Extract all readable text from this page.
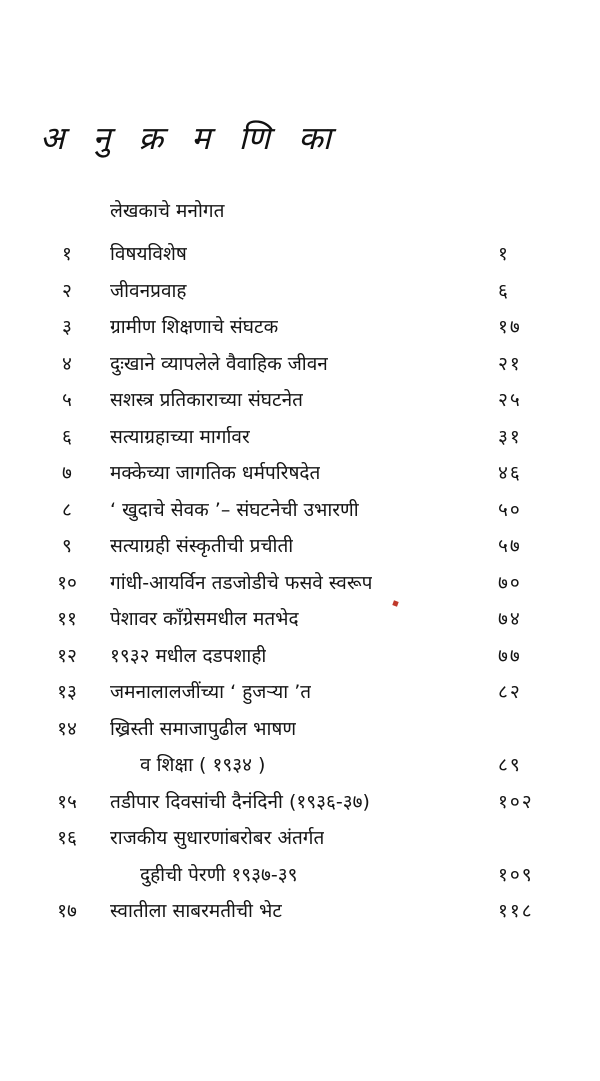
अ नु क्र म णि का
लेखकाचे मनोगत
१	विषयविशेष	१
२	जीवनप्रवाह	६
३	ग्रामीण शिक्षणाचे संघटक	१७
४	दुःखाने व्यापलेले वैवाहिक जीवन	२१
५	सशस्त्र प्रतिकाराच्या संघटनेत	२५
६	सत्याग्रहाच्या मार्गावर	३१
७	मक्केच्या जागतिक धर्मपरिषदेत	४६
८	‘ खुदाचे सेवक ’– संघटनेची उभारणी	५०
९	सत्याग्रही संस्कृतीची प्रचीती	५७
१०	गांधी-आयर्विन तडजोडीचे फसवे स्वरूप	७०
११	पेशावर काँग्रेसमधील मतभेद	७४
१२	१९३२ मधील दडपशाही	७७
१३	जमनालालजींच्या ‘ हुजऱ्या ’त	८२
१४	ख्रिस्ती समाजापुढील भाषण
व शिक्षा ( १९३४ )	८९
१५	तडीपार दिवसांची दैनंदिनी (१९३६-३७)	१०२
१६	राजकीय सुधारणांबरोबर अंतर्गत
दुहीची पेरणी १९३७-३९	१०९
१७	स्वातीला साबरमतीची भेट	११८
